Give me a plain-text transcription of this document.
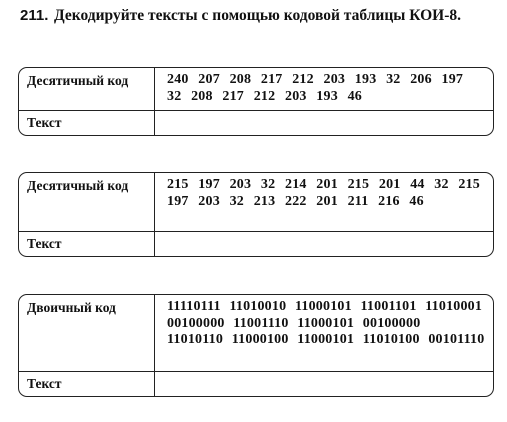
211. Декодируйте тексты с помощью кодовой таблицы КОИ-8.
Десятичный код	240 207 208 217 212 203 193 32 206 197 32 208 217 212 203 193 46
Текст
Десятичный код	215 197 203 32 214 201 215 201 44 32 215 197 203 32 213 222 201 211 216 46
Текст
Двоичный код	11110111 11010010 11000101 11001101 11010001 00100000 11001110 11000101 00100000 11010110 11000100 11000101 11010100 00101110
Текст
